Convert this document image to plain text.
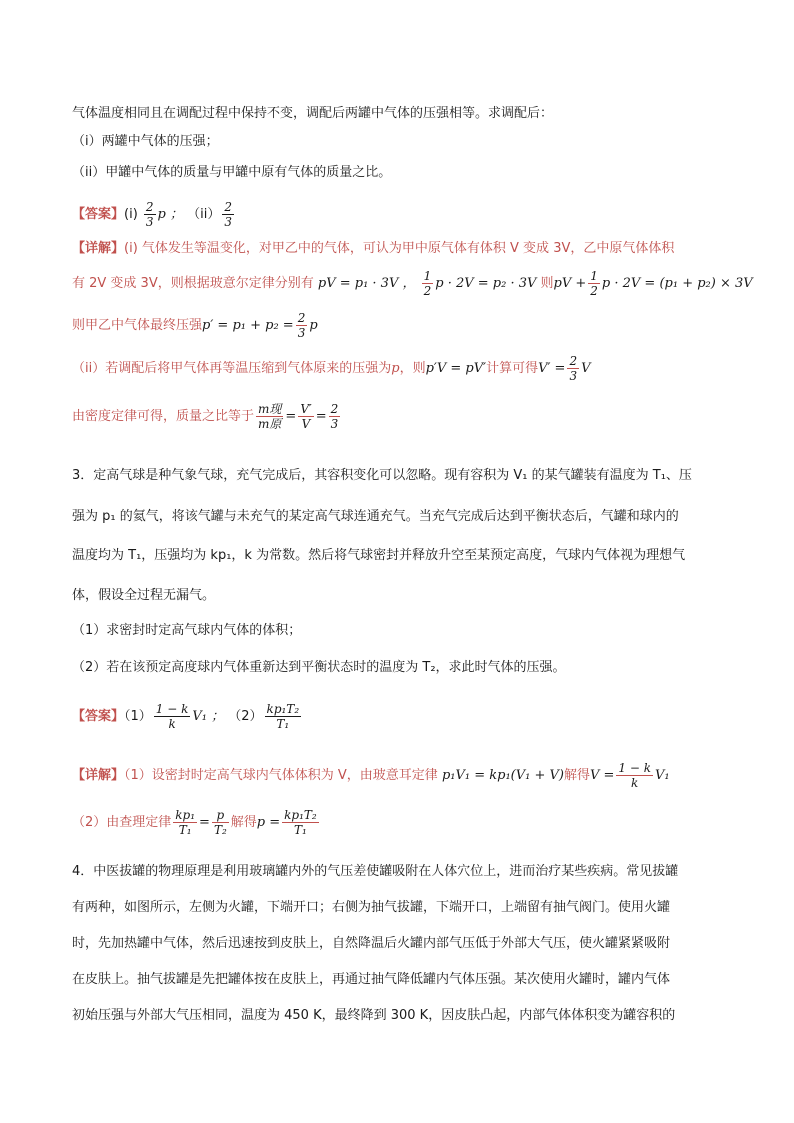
气体温度相同且在调配过程中保持不变，调配后两罐中气体的压强相等。求调配后：
（i）两罐中气体的压强；
（ii）甲罐中气体的质量与甲罐中原有气体的质量之比。
【答案】$(i) \frac{2}{3}$ p ； $(ii) \frac{2}{3}$
【详解】(i) 气体发生等温变化，对甲乙中的气体，可认为甲中原气体有体积 V 变成 3V，乙中原气体体积
有 2V 变成 3V，则根据玻意尔定律分别有 pV = p₁ · 3V ， $\frac{1}{2}$ p · 2V = p₂ · 3V 则pV + $\frac{1}{2}$ p · 2V = (p₁ + p₂) × 3V
则甲乙中气体最终压强$p' = p_1 + p_2 = \frac{2}{3}$ p
（ii）若调配后将甲气体再等温压缩到气体原来的压强为p，则p′V = pV′计算可得$V' = \frac{2}{3}$ V
由密度定律可得，质量之比等于 $\frac{\text{m现}}{\text{m原}} = \frac{V'}{V} = \frac{2}{3}$
3．定高气球是种气象气球，充气完成后，其容积变化可以忽略。现有容积为 V₁ 的某气罐装有温度为 T₁、压
强为 p₁ 的氦气，将该气罐与未充气的某定高气球连通充气。当充气完成后达到平衡状态后，气罐和球内的
温度均为 T₁，压强均为 kp₁，k 为常数。然后将气球密封并释放升空至某预定高度，气球内气体视为理想气
体，假设全过程无漏气。
（1）求密封时定高气球内气体的体积；
（2）若在该预定高度球内气体重新达到平衡状态时的温度为 T₂，求此时气体的压强。
【答案】$(1) \frac{1 - k}{k} V_1$ ； $(2) \frac{\text{kp₁T₂}}{\text{T₁}}$
【详解】（1）设密封时定高气球内气体体积为 V，由玻意耳定律 p₁V₁ = kp₁(V₁ + V)解得$V = \frac{1 - k}{k} V_1$
（2）由查理定律 $\frac{\text{kp₁}}{\text{T₁}} = \frac{p}{\text{T₂}}$ 解得$p = \frac{\text{kp₁T₂}}{\text{T₁}}$
4．中医拔罐的物理原理是利用玻璃罐内外的气压差使罐吸附在人体穴位上，进而治疗某些疾病。常见拔罐
有两种，如图所示，左侧为火罐，下端开口；右侧为抽气拔罐，下端开口，上端留有抽气阀门。使用火罐
时，先加热罐中气体，然后迅速按到皮肤上，自然降温后火罐内部气压低于外部大气压，使火罐紧紧吸附
在皮肤上。抽气拔罐是先把罐体按在皮肤上，再通过抽气降低罐内气体压强。某次使用火罐时，罐内气体
初始压强与外部大气压相同，温度为 450 K，最终降到 300 K，因皮肤凸起，内部气体体积变为罐容积的
